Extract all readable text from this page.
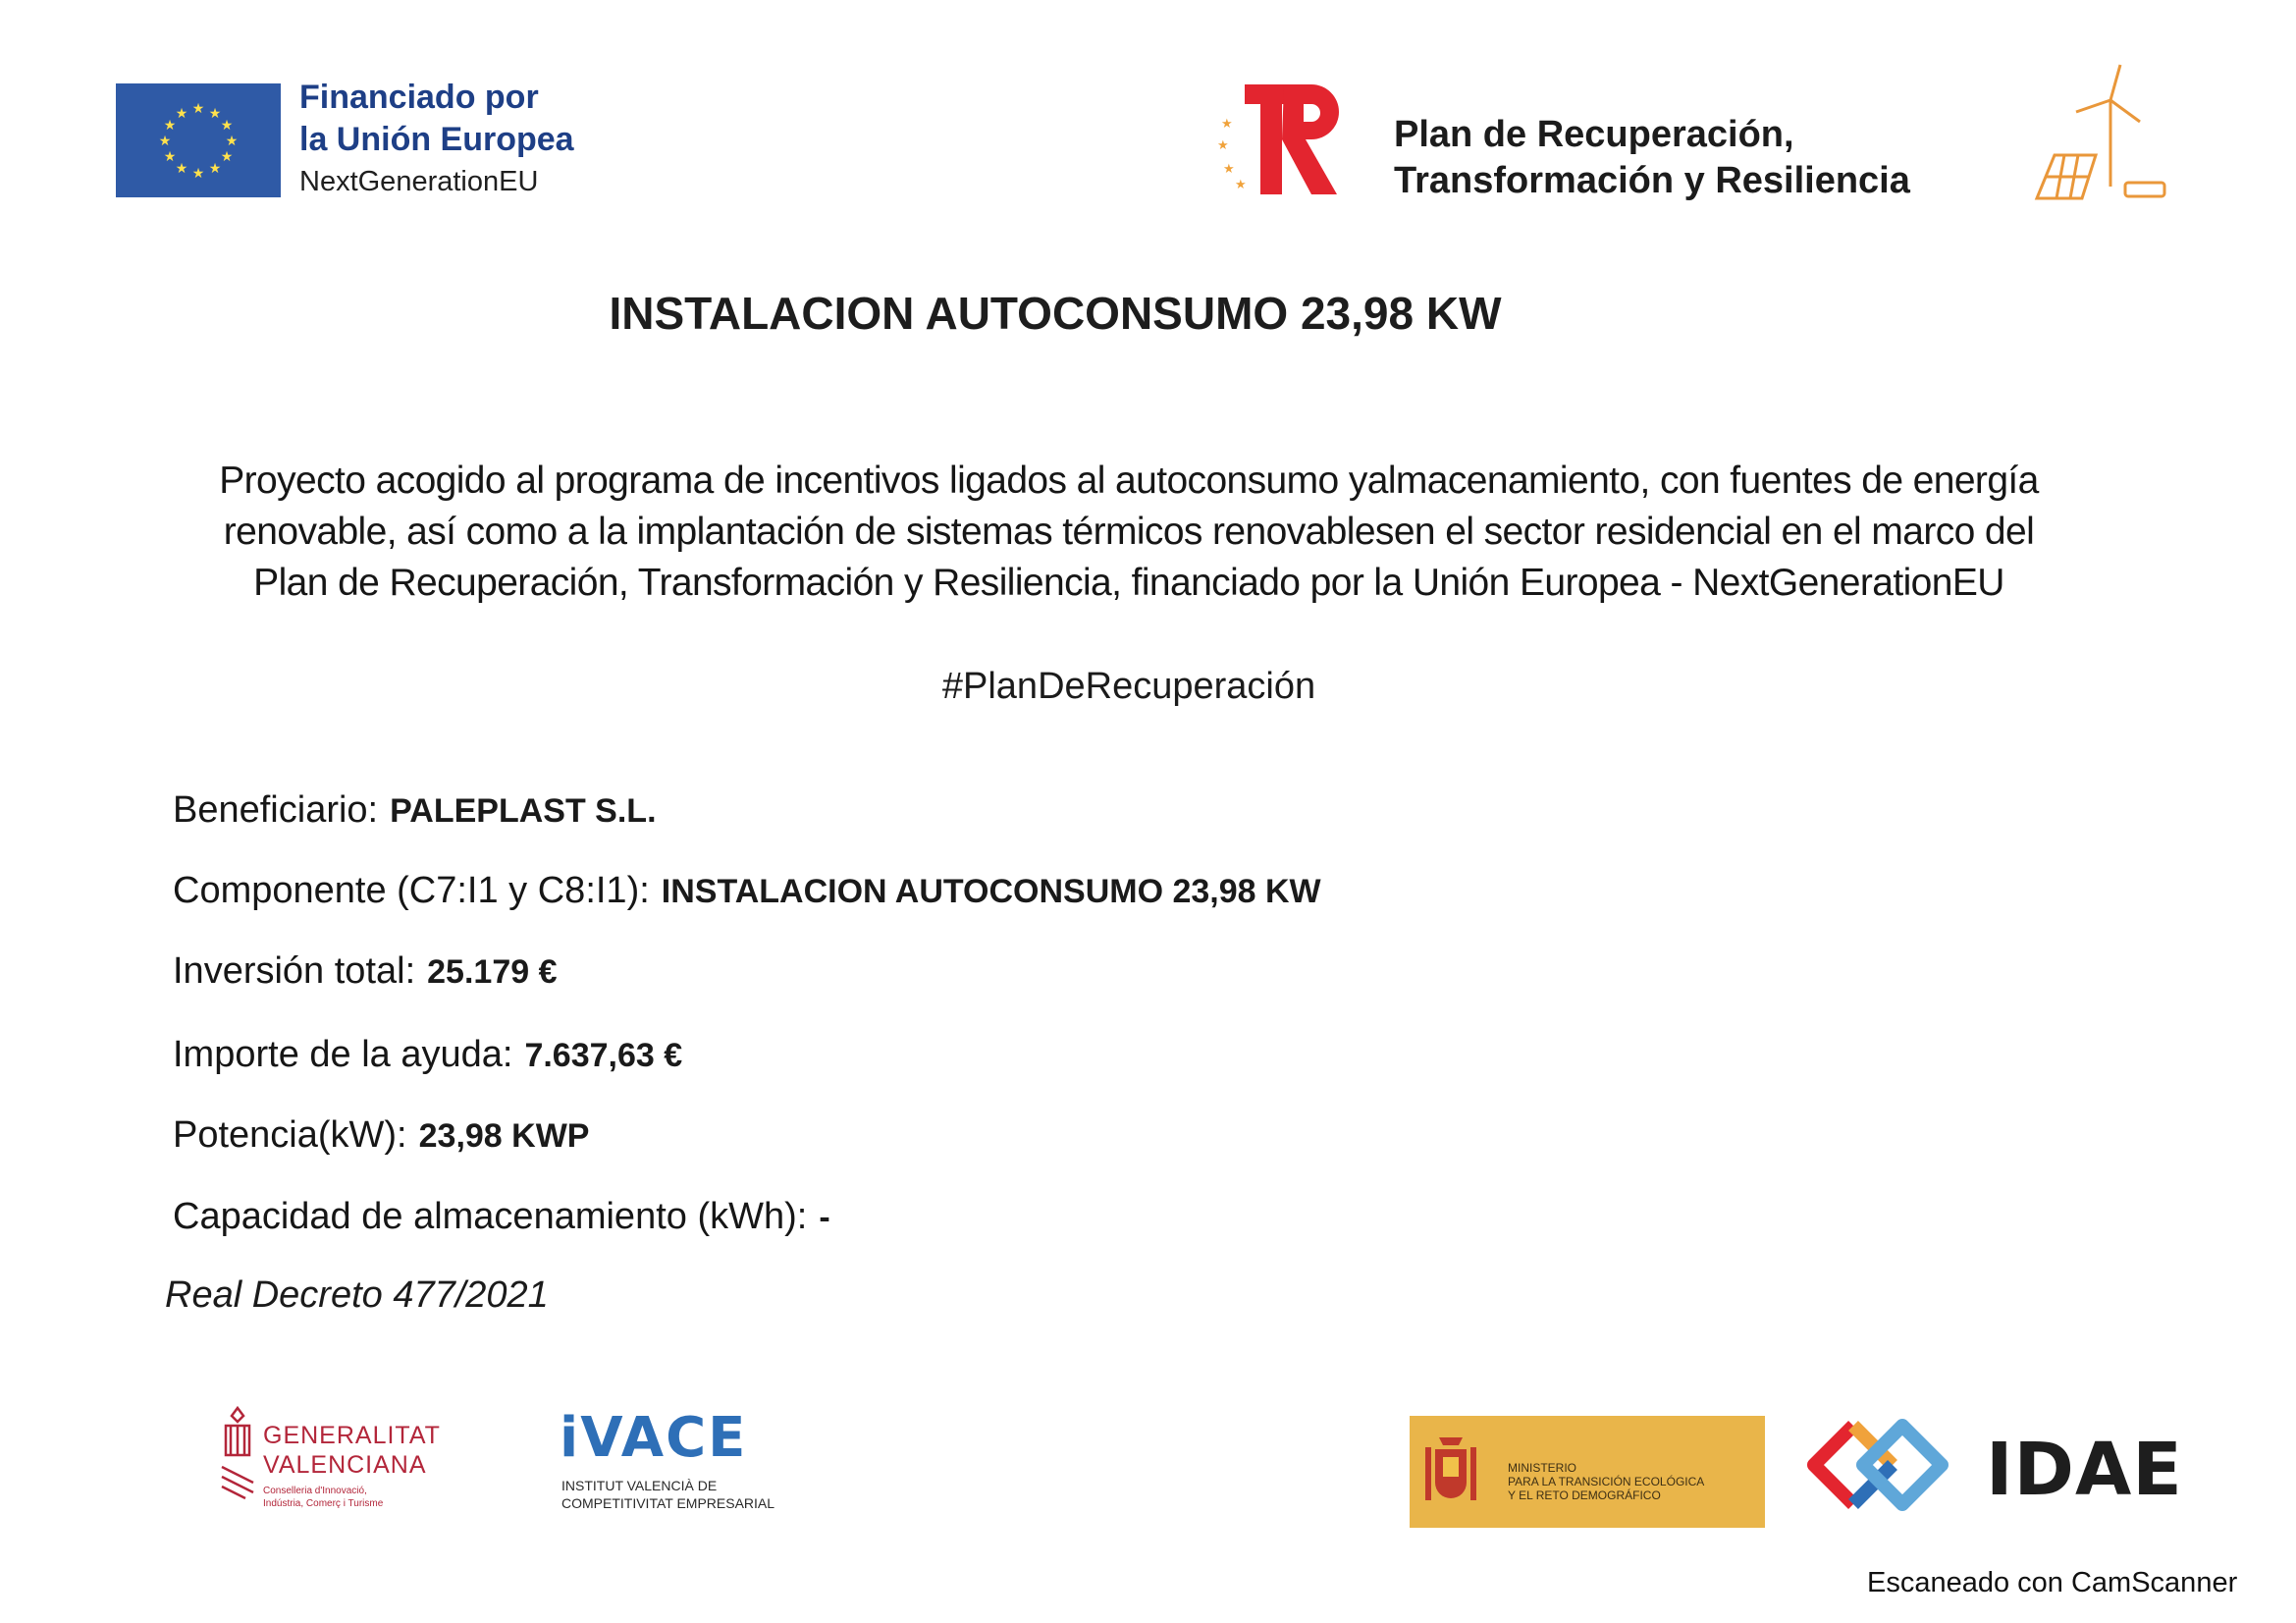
★ ★
★
★
★
★
★
★
★
★
★
★	Financiado por
la Unión Europea
NextGenerationEU
★
★
★
★
Plan de Recuperación,
Transformación y Resiliencia
INSTALACION AUTOCONSUMO 23,98 KW
Proyecto acogido al programa de incentivos ligados al autoconsumo yalmacenamiento, con fuentes de energía
renovable, así como a la implantación de sistemas térmicos renovablesen el sector residencial en el marco del
Plan de Recuperación, Transformación y Resiliencia, financiado por la Unión Europea - NextGenerationEU
#PlanDeRecuperación
Beneficiario: PALEPLAST S.L.
Componente (C7:I1 y C8:I1): INSTALACION AUTOCONSUMO 23,98 KW
Inversión total: 25.179 €
Importe de la ayuda: 7.637,63 €
Potencia(kW): 23,98 KWP
Capacidad de almacenamiento (kWh): -
Real Decreto 477/2021
GENERALITAT
VALENCIANA
Conselleria d'Innovació,
Indústria, Comerç i Turisme
iVACE
INSTITUT VALENCIÀ DE
COMPETITIVITAT EMPRESARIAL
MINISTERIO
PARA LA TRANSICIÓN ECOLÓGICA
Y EL RETO DEMOGRÁFICO	IDAE
Escaneado con CamScanner
